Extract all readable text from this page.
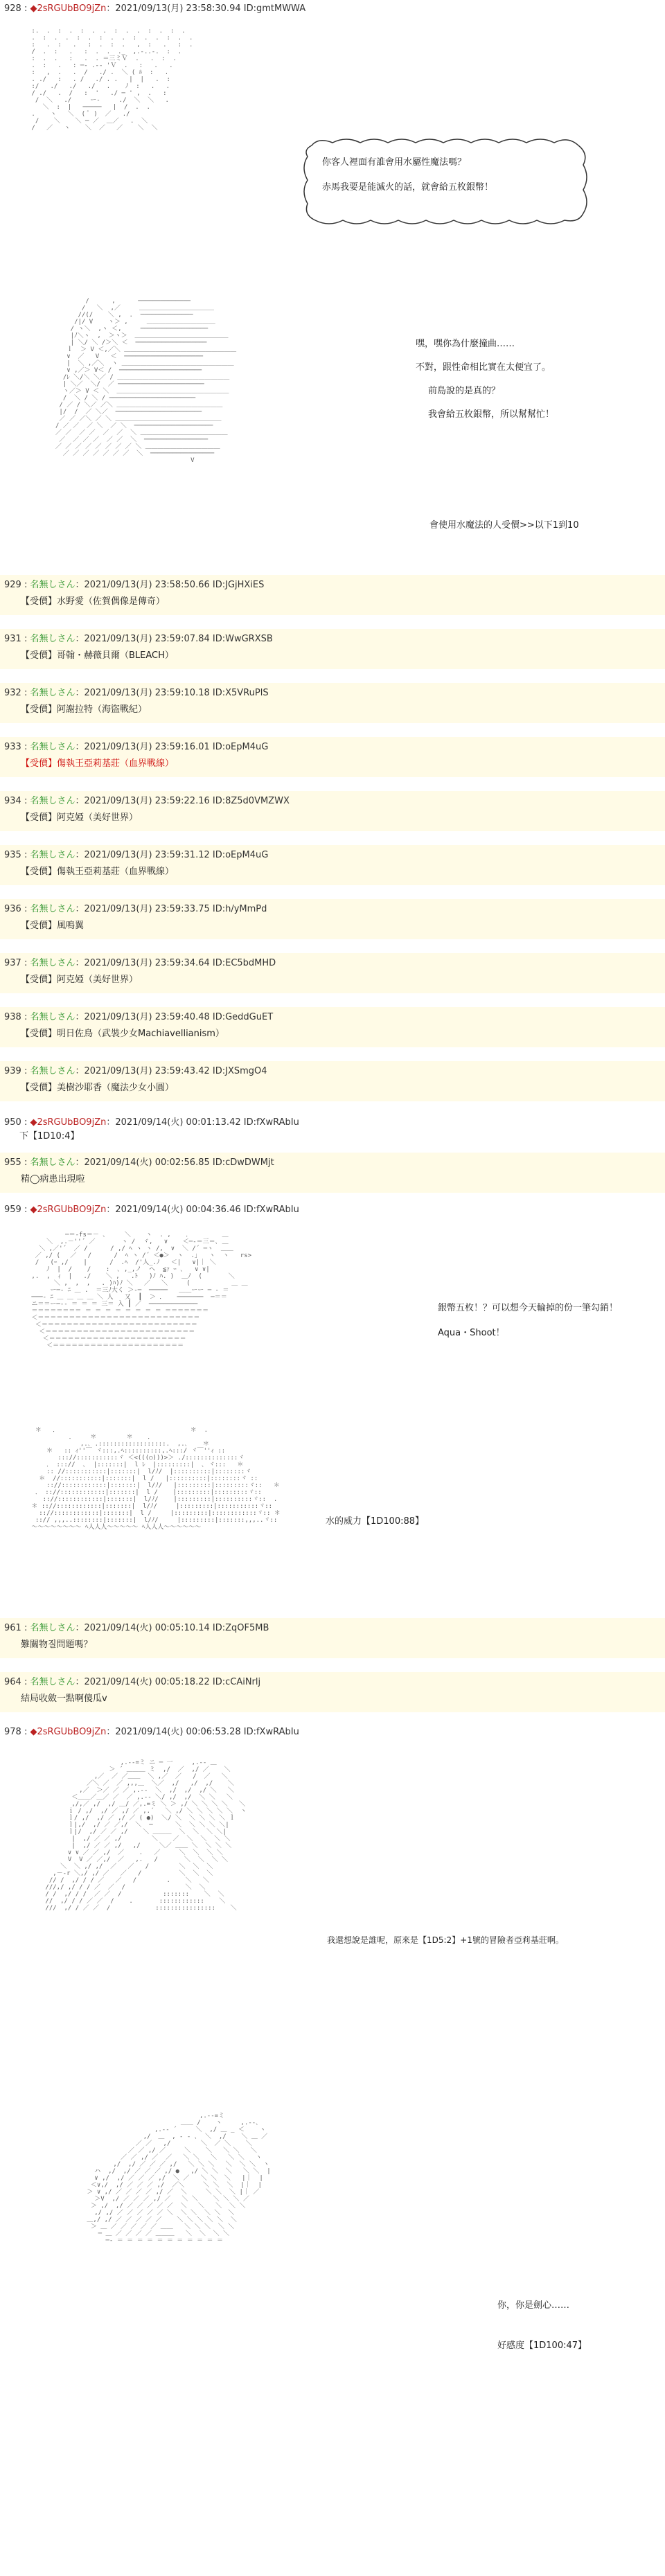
928 : ◆2sRGUbBO9jZn：2021/09/13(月) 23:58:30.94 ID:gmtMWWA

:.  .  :  .  :  .  .  :  .  .  :  .  :  .
.  :  .  .  :  .  :  .  .  :  .  .  :  .  .
:   .  :   .   :  .  :  .   ,  :   .   :  .
/  .  :   .   :  .  .  ._  ,.-..-.  :  .
:  .  .   :   .  . ＝三ミＶ  .   .  :  .
.  :   .   : ─‐ .-‐ 'Ｖ  .   :   .   .
:   ,  .   .  /   ./ .  ＼ ( ﾙ  :   .
. ./   :   . /   ./ . .   |  |   .  :
:/   ./   ./   ./   .    ﾉ  :   .   .
/ ./   .  /   :  '   ./ ─ ' ,  .   :
/  ＼   ./     ー‐     ./  ＼  ＼   .
＼  :  |   ─────   |  /  .  .
.    ヽ   ＼  ( ﾟ )  ／   ./
/    ＼    ＼ ─ ／  ＿／   .  ＼
/   ／   ヽ    ＼  ／   ／    ＼  ＼

你客人裡面有誰會用水屬性魔法嗎？
赤馬我要是能滅火的話，就會給五枚銀幣！

/      ,      ──────────────
/   ＼  ,／     ＿＿＿＿＿＿＿＿＿＿＿＿
//(/    ＼ ,  .  ──────────────
/|/ V    ヽ＞ ,     ＿＿＿＿＿＿＿＿＿＿＿
/ ヽ＼  ,ヽ ＜,     ──────────────────
|ﾉ＼ヽ  ,  ＞ヽ＞  ＿＿＿＿＿＿＿＿＿＿＿＿＿＿＿
| ＼/ ＼ /＞＼ ＜  ───────────────────
ｌ  ＞ V ＜,／＼ ＿＿＿＿＿＿＿＿＿＿＿＿＿＿＿＿＿＿
∨  ／   V   ＜  ─────────────────────
|  ＼ ,／＼  ヽ ＿＿＿＿＿＿＿＿＿＿＿＿＿＿＿＿＿＿
∨ ,／＞ V＜ /  ──────────────────────
/ﾚ ＼/＼ ＼／ / ＿＿＿＿＿＿＿＿＿＿＿＿＿＿＿＿＿＿
| ＼／  ＼/  ／ ───────────────────────
ヽ／＞ V ＜ ＼  ＿＿＿＿＿＿＿＿＿＿＿＿＿＿＿＿＿＿
/  ＼ / ＼ / ───────────────────────
/ ／ / ＼／ ／＼ ＿＿＿＿＿＿＿＿＿＿＿＿＿＿＿＿＿
|/  /  ／ ＼／  ───────────────────────
／ ／ ／＼ ／ ＼ ＿＿＿＿＿＿＿＿＿＿＿＿＿＿＿＿＿
/ ／ ／  ／ ＼  ／ ＼  ─────────────────────
／ ／  ／ ／  ／  ／  ＼ ＿＿＿＿＿＿＿＿＿＿＿＿＿＿
／  ／ ／ ／  ／ ／  ＼  ─────────────────
／ ／ ／ ／ ／ ／ ／ ／ ＼ ＿＿＿＿＿＿＿＿＿＿＿＿
／ ／ ／ ／ ／ ／ ／  ＼  ─────────────────
V

嘿，嘿你為什麼撞曲……
不對，跟性命相比實在太便宜了。
前島說的是真的？
我會給五枚銀幣，所以幫幫忙！
會使用水魔法的人受價>>以下1到10
929 : 名無しさん：2021/09/13(月) 23:58:50.66 ID:JGjHXiES
【受價】水野愛（佐賀偶像是傳奇）
931 : 名無しさん：2021/09/13(月) 23:59:07.84 ID:WwGRXSB
【受價】哥翰・赫薇貝爾（BLEACH）
932 : 名無しさん：2021/09/13(月) 23:59:10.18 ID:X5VRuPlS
【受價】阿謝拉特（海盜戰紀）
933 : 名無しさん：2021/09/13(月) 23:59:16.01 ID:oEpM4uG
【受價】傷執王亞莉基莊（血界戰線）
934 : 名無しさん：2021/09/13(月) 23:59:22.16 ID:8Z5d0VMZWX
【受價】阿克婭（美好世界）
935 : 名無しさん：2021/09/13(月) 23:59:31.12 ID:oEpM4uG
【受價】傷執王亞莉基莊（血界戰線）
936 : 名無しさん：2021/09/13(月) 23:59:33.75 ID:h/yMmPd
【受價】風鳴翼
937 : 名無しさん：2021/09/13(月) 23:59:34.64 ID:EC5bdMHD
【受價】阿克婭（美好世界）
938 : 名無しさん：2021/09/13(月) 23:59:40.48 ID:GeddGuET
【受價】明日佐鳥（武裝少女Machiavellianism）
939 : 名無しさん：2021/09/13(月) 23:59:43.42 ID:JXSmgO4
【受價】美樹沙耶香（魔法少女小圓）
950 : ◆2sRGUbBO9jZn：2021/09/14(火) 00:01:13.42 ID:fXwRAbIu
下【1D10:4】
955 : 名無しさん：2021/09/14(火) 00:02:56.85 ID:cDwDWMjt
精◯病患出現啦
959 : ◆2sRGUbBO9jZn：2021/09/14(火) 00:04:36.46 ID:fXwRAbIu

─＝‐fs＝－ ､     ＼    ヽ  . ,    ．        ＿
＼  ,.－''´ ／       ヽ /  ヾ,   ∨    ＜─‐＝三＝､ ＿
＼ ,／'´  ／ /      / ,/ ﾍ ヽ ヽ /,  ∨  ＼ /´ ─ヽ  ＿＿
／ ,/ (　 ／   /      /  ﾍ ヽ /´ ＜●＞  ヽ  .｣   ヽ  ヽ   rs>
/   (ｰ ,/    |      /  .ﾍ  /'人_.ﾉ   ＜|   ∨|｜ ＼
ﾉ  |  /    /    :  ､ ,_,ノ  ヘ  ≦ｧ ｰ ､   ∨ ∨|
,.  ,  ｨ  |   ./    ＼ ,   .ﾄ   )ﾉ ﾊ. )  ＿ﾉ  (       ＼
＼ ,  ,  ,   . )ﾊ)ﾉ ＼   ／   ＼     (           ＿ ＿
ー─‐ ﾆ ＿ .  ＝三ﾉ大く ＞-─  ─────   ＿＿ーー ─ ‐ ＝
───‐ ﾆ ＿ ＿ ＿ ＿ ＼ 人   又  ┃  ＞ ．   ───────  ─＝＝
ニ＝＝ー─‐‐ ＝ ＝ ＝ 三＝ 入 ┃ ／  ─────────────
＝＝＝＝＝＝＝＝ ＝ ＝ ＝ ＝ ＝ ＝ ＝ ＝ ＝＝＝＝＝＝＝
＜＝＝＝＝＝＝＝＝＝＝＝＝＝＝＝＝＝＝＝＝＝＝＝＝＝＝
＜＝＝＝＝＝＝＝＝＝＝＝＝＝＝＝＝＝＝＝＝＝＝＝＝＝
＜＝＝＝＝＝＝＝＝＝＝＝＝＝＝＝＝＝＝＝＝＝＝＝＝
＜＝＝＝＝＝＝＝＝＝＝＝＝＝＝＝＝＝＝＝＝＝＝
＜＝＝＝＝＝＝＝＝＝＝＝＝＝＝＝＝＝＝＝＝＝

銀幣五枚！？可以想今天輪掉的份一筆勾銷！
Aqua・Shoot！

＊   ．                                   ＊  .
．    ＊        ＊    ．
,.､ .::::::::::::::::::.  ,.､    ＊
＊   :: ｨ''￣ ヾ:::,.ﾍ::::::::::,.ﾍ:::/ ヾ￣''ｨ ::
::://:::::::::::ヾ ＜<(((○)))>＞ ./::::::::::::::ヾ
． ::://  ､  |:::::::|  l ﾚ  |:::::::::|  ､ ヾ:::   ＊
:: //:::::::::::|:::::::|  l/ﾉ/  |::::::::::|::::::::ヾ
＊  //:::::::::::|:::::::|  l /   |::::::::::|::::::::ヾ ::
:://::::::::::::|:::::::|  l/ﾉ/   |:::::::::|:::::::::ヾ::   ＊
． :://::::::::::::|:::::::|  l /    |:::::::::|:::::::::ヾ::
:://::::::::::::|:::::::|  l/ﾉ/    |:::::::::|::::::::::ヾ::  .
＊ :://::::::::::::|:::::::|  l/ﾉ/     |:::::::::|:::::::::::ヾ::
:://::::::::::::|:::::::|  l /     |:::::::::|::::::::::::ヾ:: ＊
::// ,,,..::::::::|:::::::|  l/ﾉ/     |:::::::::|:::::::,,,..ヾ::
～～～～～～～～ ﾍ人人人～～～～～ ﾍ人人人～～～～～～

水的威力【1D100:88】
961 : 名無しさん：2021/09/14(火) 00:05:10.14 ID:ZqOF5MB
難關物질問題嗎？
964 : 名無しさん：2021/09/14(火) 00:05:18.22 ID:cCAiNrlj
結局收斂一點啊傻瓜v
978 : ◆2sRGUbBO9jZn：2021/09/14(火) 00:06:53.28 ID:fXwRAbIu

,.-‐=ミ ニ ─ 一     ,.-‐ ＿
＞ ´ ＿＿＿ ミ  ,/  ／  ,/ ／    ＼
,／  ／ ／＿＿  ＼ ,／  ／   /  ／   ＼
／＼ ／  ／ ,,,＿  ＼／  ,/   ,/  ,/    ＼
,／  ＞／ ／ ／ ,.-‐  ＼  ,/  ,/  ,/ ＼   ＼
＜＿＿／＿／ ／  ／ ,.-‐ ＼/ ,/  ,/  ＼ ＼   ＼
,/,／ ,/  ,/ ＿/ ／,.=ミ ＼ ＞ ,/ ＼ ＼ ＼ ＼   ＼
ｉ / ,/  ,/ ／ ,/ ／ ,.´   ＼ ,/ ＼ ＼ ＼ ＼ ＼  ヽ
ｌ/ ,/  ,/ ／ ,/ ／ ( ●)  ＼/ ＼  ＼ ＼ ＼ ＼ ｌ
ｌ|,/  ,/ ／ ／,/  ＼  ─      ＼  ＼ ＼ ＼ ＼|
ｌ|/  ,/ ／ ／ ,/    ＼ ＿＿＿  ＼  ＼  ＼ ＼|
|  ,/ ／ ／ ,/        ＼    ／  ＼  ＼  ＼ ＼
|  ,/ ／ ／ ,/   ,/     ＼／ ＿＿ ＼  ＼ ＼ ＼
∨ ∨ ／ ／ ,/  ／    .   ／     ＼  ＼  ＼ ＼
V  V ／ ／,/  ／   ,.   /       ＼  ＼  ＼ ＼
＼  ＼ ,/ ,/  ／   ／   /        ＼  ＼  ＼
,－‐r ＼,/ ,/ ／   ／   /          ＼  ＼  ＼
// /  ,/ / / ／   ／   /        .    ＼   ＼
///,/ ,/ / / ／  ／  /                ＼  ＼
/ /  ,/ / /  ／ ／  /           :::::::    ＼  ＼
//  ,/ / / ／ ／  /    .       ::::::::::::    ＼
///  ,/ / ／ ／  /            ::::::::::::::::    ＼

我還想說是誰呢，原來是【1D5:2】+1號的冒險者亞莉基莊啊。

,.-‐=ミ
＿＿ /    ヽ     ,.‐-､
,.-‐ ´     ＼  ,/ ＿ _ ＜    ヽ
,/  ＿  , ‐ ‐ ､  ＼  ,/    ＼ ＿ ／
／ ／   ,/        ＼  ／ ＼    ＼
／ ／ ,/ ／     ＼    ＼   ＼ ＼   ＼
／ ／ ,/ ／  ／   ＼ ＼   ＼   ＼ ＼   ヽ
,/  ,/ ／ ／ ／ ,/   ＼ ＼ ＼   ＼  ＼ ＼  ヽ
ハ  ,/  ,/ ／ ／ ／ ,/ ●   ,/ ＼ ＼  ＼   ＼ ＼  |
∨ ,/  ,/ ／ ／ ／ ,/  ＼ ／   ＼ ＼  ＼   |｜  |
＜∨,/  ,/ ／ ／ ／ ,/  ／＼     ＼ ＼  ＼  |｜  |
＞ ∨ ,/ ／ ／ ／ ／ ,/ ／  ＼     ＼ ＼  ＼ |｜ ／
＞V  ,/ ／ ／ ／ ,/ ／   ＼ ＼    ＼ ＼ ＼ ／
＞ ,/  ,/ ／ ／ ／ ／ ／  ＼   ＼   ＼  ＼ ＼
,/ ,/ ／ ／ ／ ／ ／ ＼  ＼ ＼  ＼ ＼  ＼
＿,/ ,/ ／ ／ ／ ／ ／    ＼ ＼ ＼ ＼ ＼  ＼
＞ ＿ ／ ／ ／ ／ ／ ＿＿   ＼ ＼ ＼  ＼ ＼
─ ＿ ／ ／ ／ ／ ＿＿＿   ＼  ＼  ＼ ＼
─‐ ＝ ＝ ＝ ＝ ＝ ＝ ＝ ＝ ＝ ＝ ＝

你，你是劍心……
好感度【1D100:47】
